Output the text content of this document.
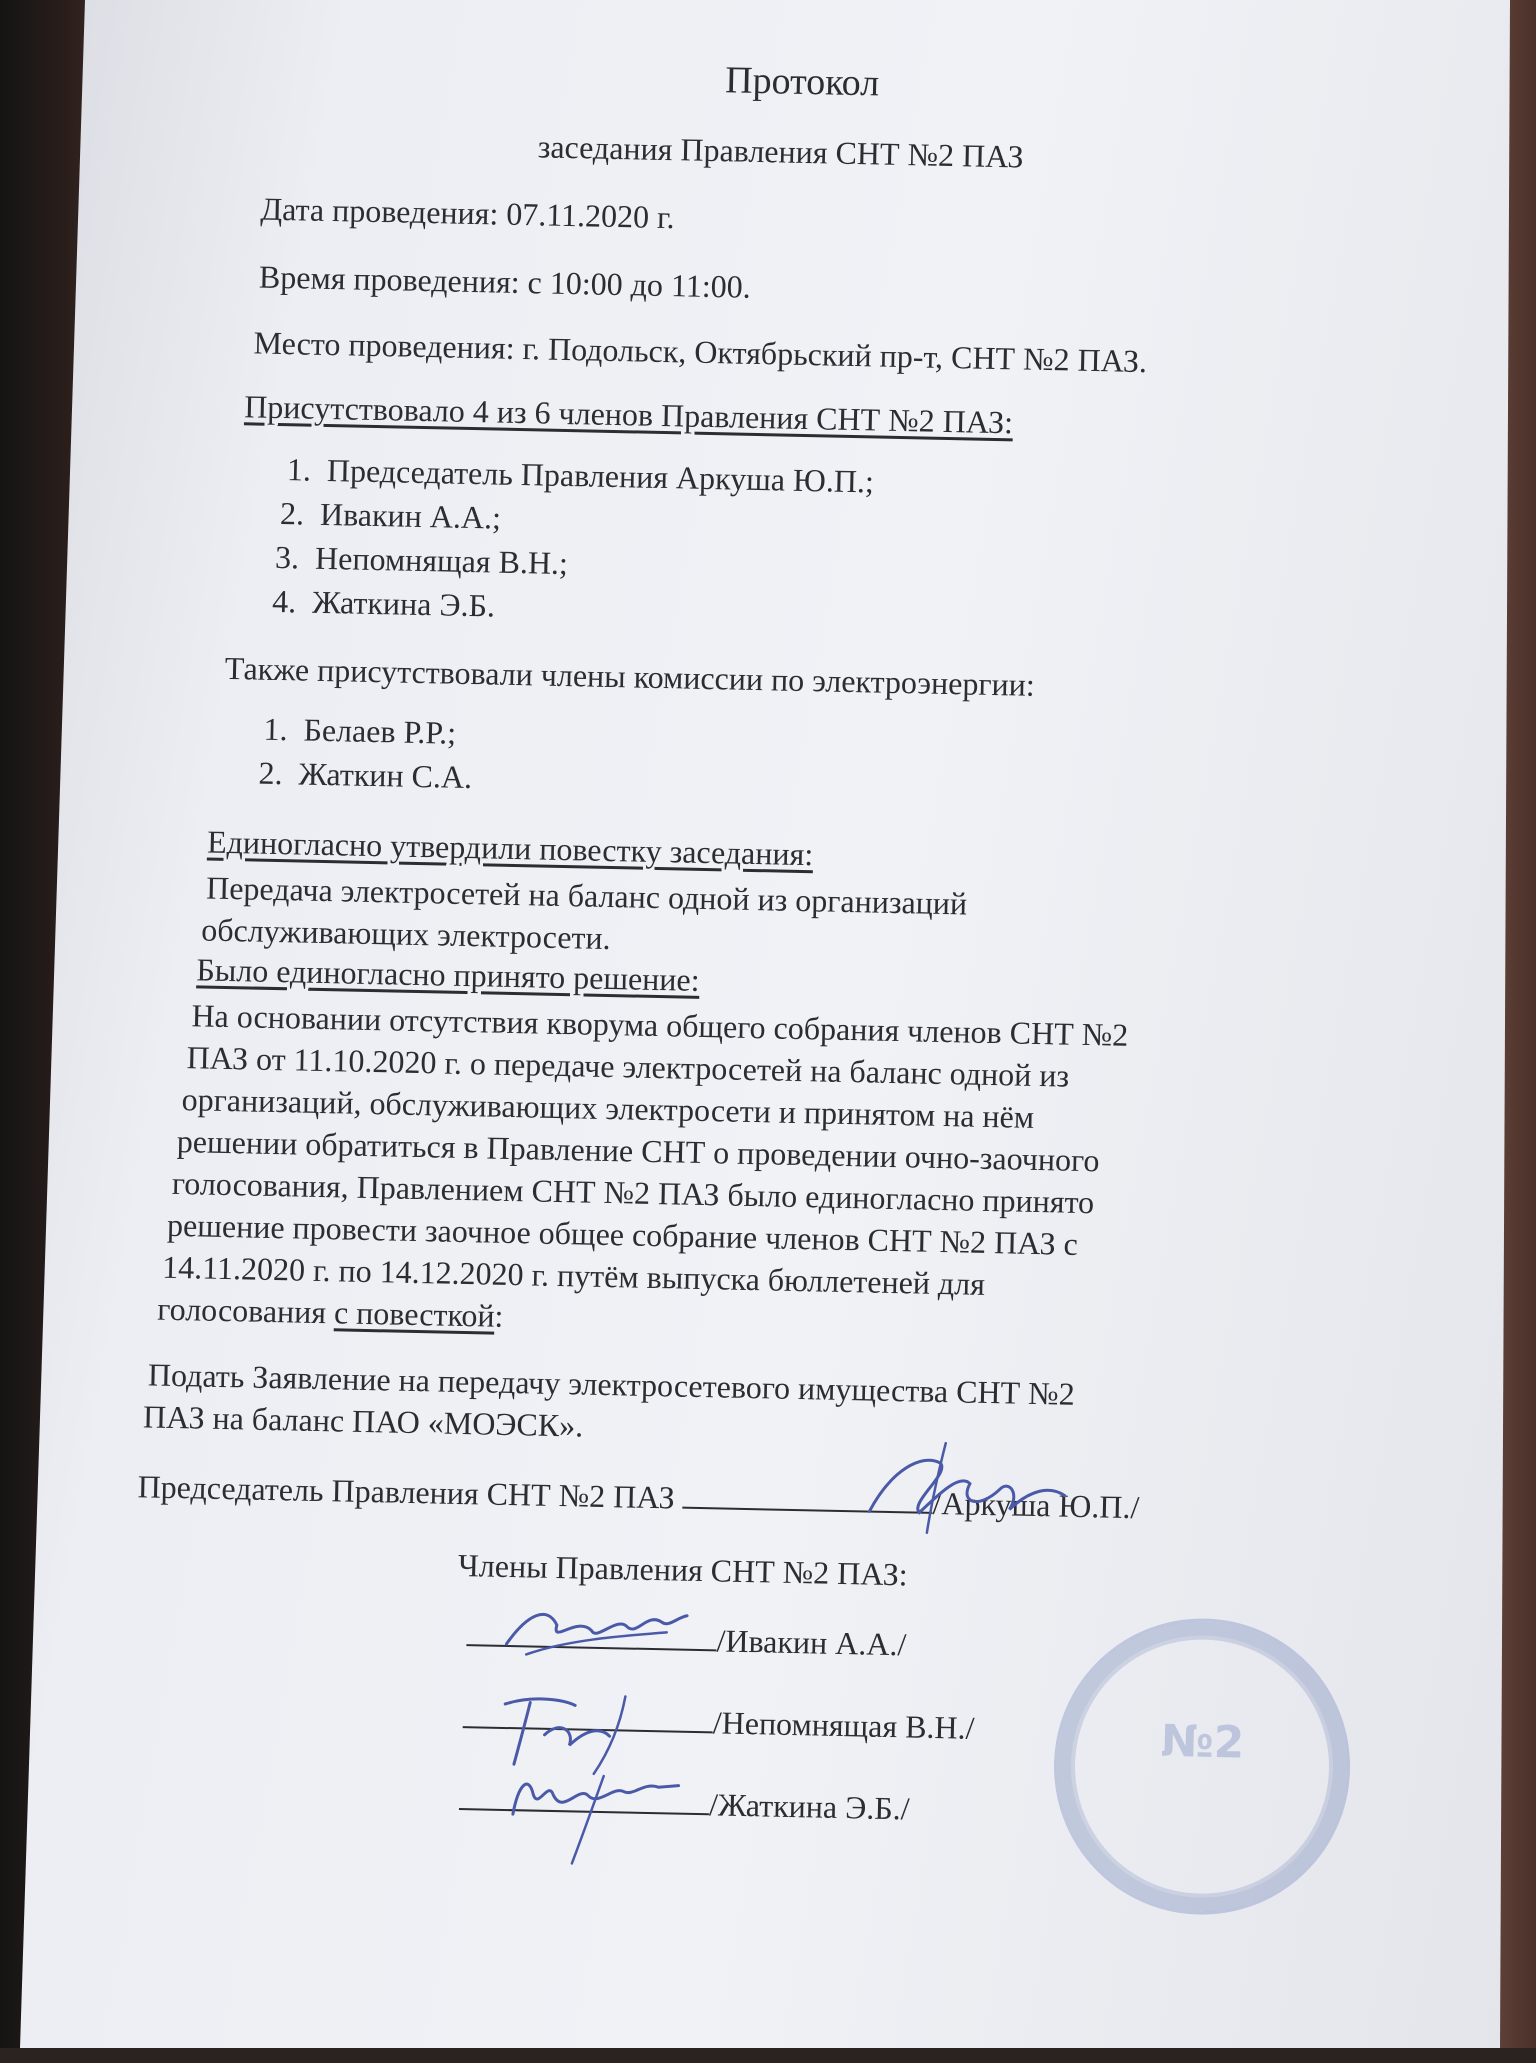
Протокол
заседания Правления СНТ №2 ПАЗ
Дата проведения: 07.11.2020 г.
Время проведения: с 10:00 до 11:00.
Место проведения: г. Подольск, Октябрьский пр-т, СНТ №2 ПАЗ.
Присутствовало 4 из 6 членов Правления СНТ №2 ПАЗ:
1. Председатель Правления Аркуша Ю.П.;
2. Ивакин А.А.;
3. Непомнящая В.Н.;
4. Жаткина Э.Б.
Также присутствовали члены комиссии по электроэнергии:
1. Белаев Р.Р.;
2. Жаткин С.А.
Единогласно утвердили повестку заседания:
Передача электросетей на баланс одной из организаций
обслуживающих электросети.
Было единогласно принято решение:
На основании отсутствия кворума общего собрания членов СНТ №2
ПАЗ от 11.10.2020 г. о передаче электросетей на баланс одной из
организаций, обслуживающих электросети и принятом на нём
решении обратиться в Правление СНТ о проведении очно-заочного
голосования, Правлением СНТ №2 ПАЗ было единогласно принято
решение провести заочное общее собрание членов СНТ №2 ПАЗ с
14.11.2020 г. по 14.12.2020 г. путём выпуска бюллетеней для
голосования с повесткой:
Подать Заявление на передачу электросетевого имущества СНТ №2
ПАЗ на баланс ПАО «МОЭСК».
Председатель Правления СНТ №2 ПАЗ	/Аркуша Ю.П./
Члены Правления СНТ №2 ПАЗ:
/Ивакин А.А./
/Непомнящая В.Н./
/Жаткина Э.Б./
№2
